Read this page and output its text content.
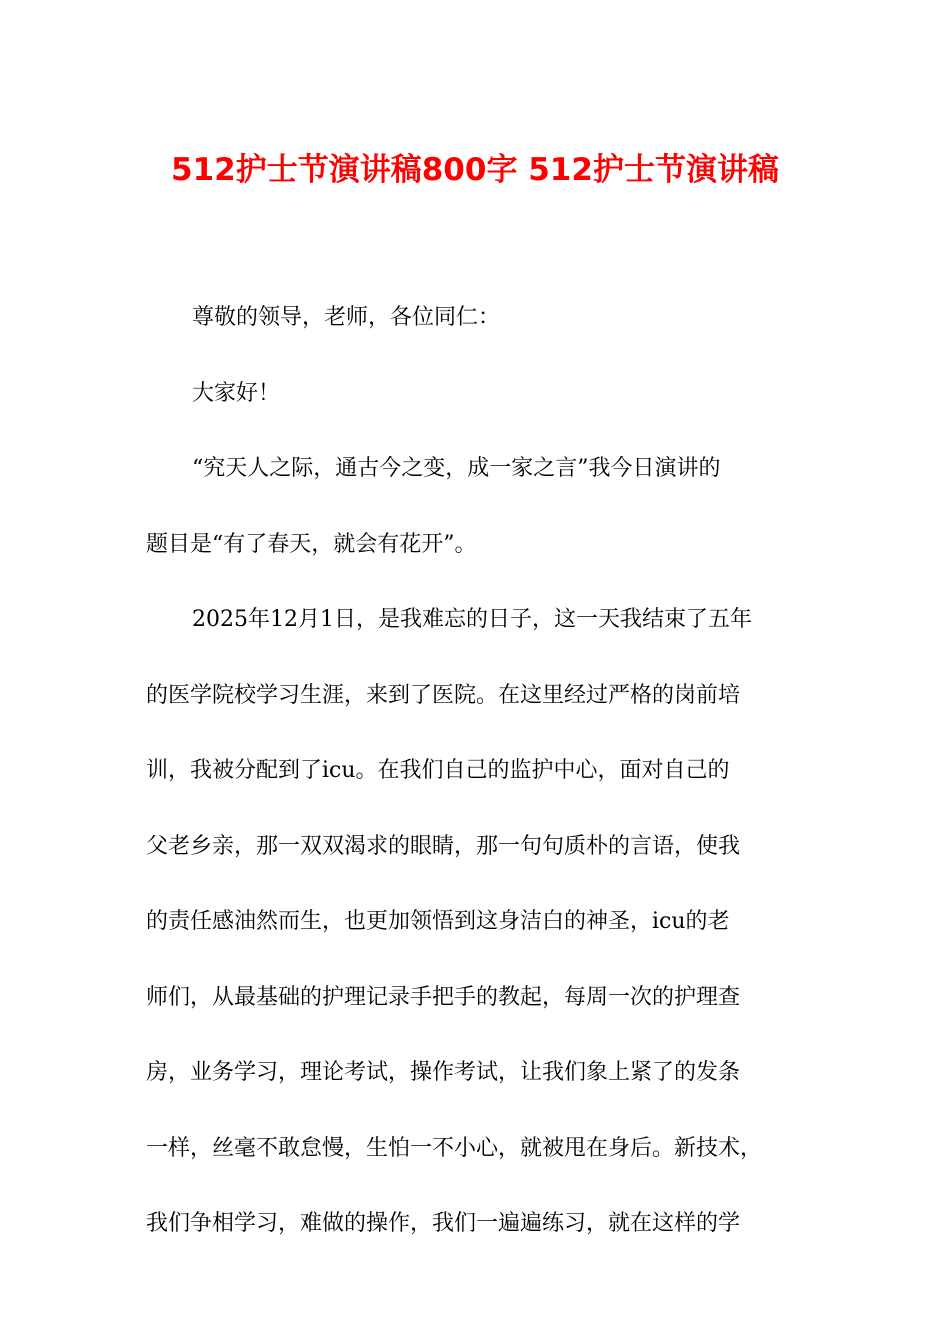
512护士节演讲稿800字 512护士节演讲稿

尊敬的领导，老师，各位同仁：

大家好！

“究天人之际，通古今之变，成一家之言”我今日演讲的

题目是“有了春天，就会有花开”。

2025年12月1日，是我难忘的日子，这一天我结束了五年

的医学院校学习生涯，来到了医院。在这里经过严格的岗前培

训，我被分配到了icu。在我们自己的监护中心，面对自己的

父老乡亲，那一双双渴求的眼睛，那一句句质朴的言语，使我

的责任感油然而生，也更加领悟到这身洁白的神圣，icu的老

师们，从最基础的护理记录手把手的教起，每周一次的护理查

房，业务学习，理论考试，操作考试，让我们象上紧了的发条

一样，丝毫不敢怠慢，生怕一不小心，就被甩在身后。新技术，

我们争相学习，难做的操作，我们一遍遍练习，就在这样的学
